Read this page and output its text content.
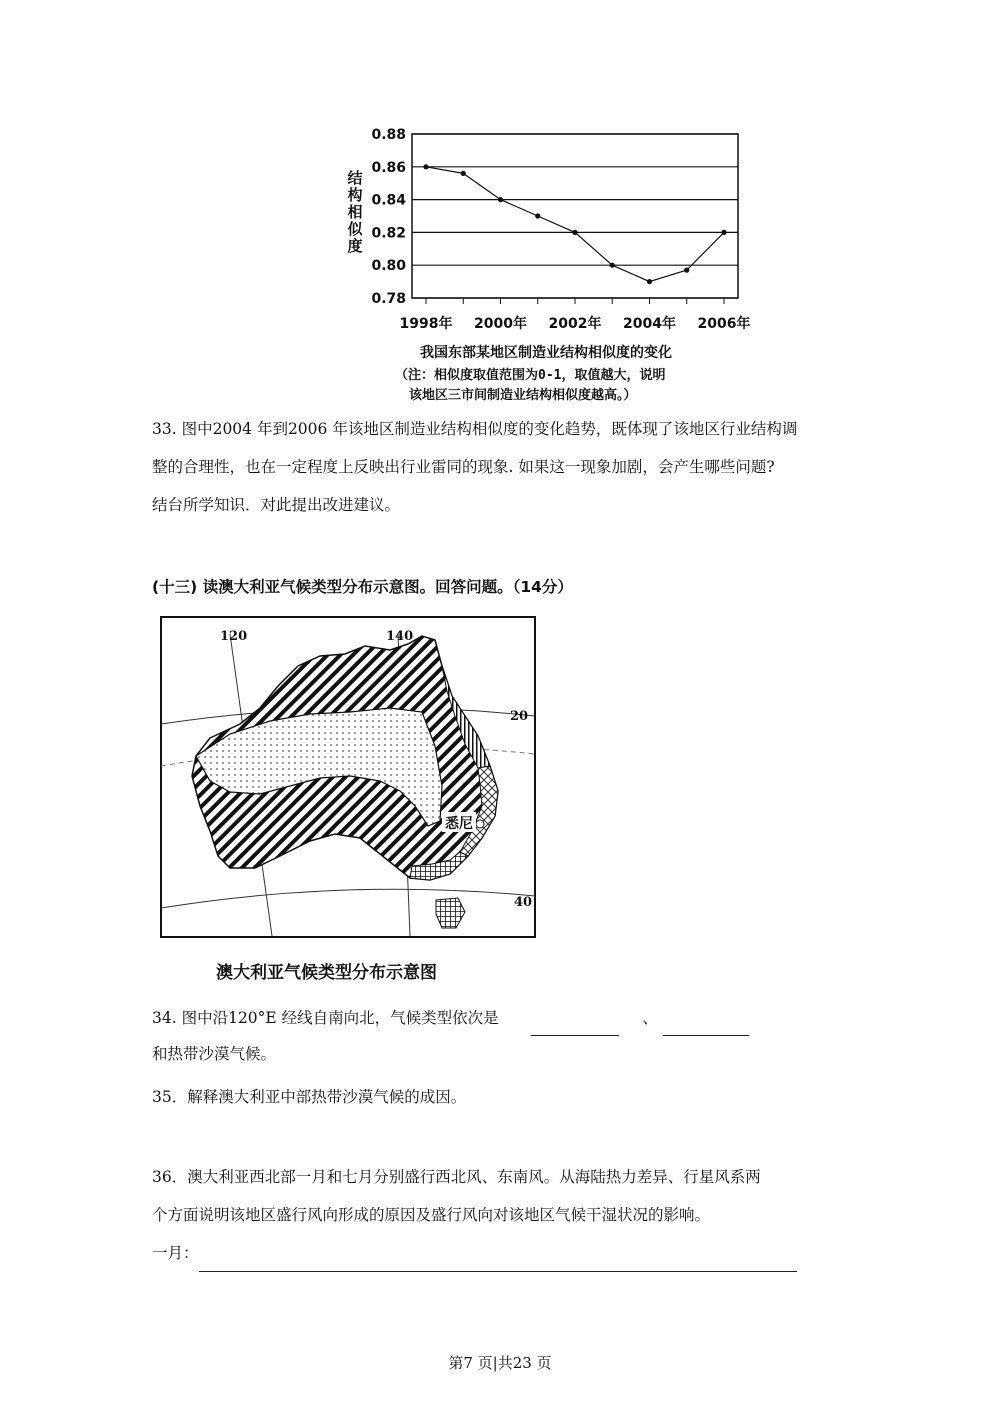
0.88
0.86
0.84
0.82
0.80
0.78
1998年 2000年 2002年 2004年 2006年
结
构
相
似
度
我国东部某地区制造业结构相似度的变化
（注：相似度取值范围为0-1，取值越大，说明
该地区三市间制造业结构相似度越高。）
33. 图中2004 年到2006 年该地区制造业结构相似度的变化趋势，既体现了该地区行业结构调
整的合理性，也在一定程度上反映出行业雷同的现象. 如果这一现象加剧，会产生哪些问题?
结台所学知识．对此提出改进建议。
(十三) 读澳大利亚气候类型分布示意图。回答问题。（14分）
悉尼
120	140
20
40
澳大利亚气候类型分布示意图
34. 图中沿120°E 经线自南向北，气候类型依次是	、
和热带沙漠气候。
35．解释澳大利亚中部热带沙漠气候的成因。
36．澳大利亚西北部一月和七月分别盛行西北风、东南风。从海陆热力差异、行星风系两
个方面说明该地区盛行风向形成的原因及盛行风向对该地区气候干湿状况的影响。
一月：
第7 页|共23 页
